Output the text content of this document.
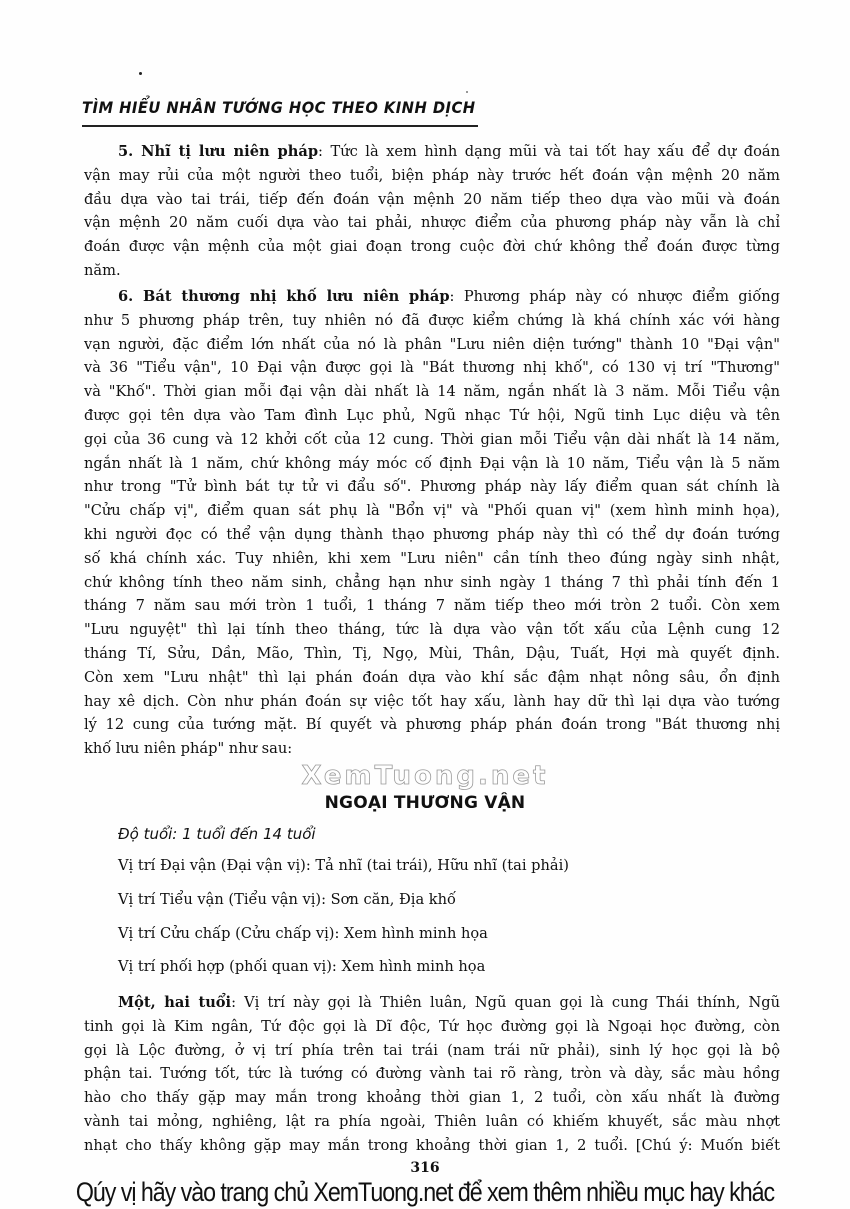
TÌM HIỂU NHÂN TƯỚNG HỌC THEO KINH DỊCH
5. Nhĩ tị lưu niên pháp: Tức là xem hình dạng mũi và tai tốt hay xấu để dự đoán
vận may rủi của một người theo tuổi, biện pháp này trước hết đoán vận mệnh 20 năm
đầu dựa vào tai trái, tiếp đến đoán vận mệnh 20 năm tiếp theo dựa vào mũi và đoán
vận mệnh 20 năm cuối dựa vào tai phải, nhược điểm của phương pháp này vẫn là chỉ
đoán được vận mệnh của một giai đoạn trong cuộc đời chứ không thể đoán được từng
năm.
6. Bát thương nhị khố lưu niên pháp: Phương pháp này có nhược điểm giống
như 5 phương pháp trên, tuy nhiên nó đã được kiểm chứng là khá chính xác với hàng
vạn người, đặc điểm lớn nhất của nó là phân "Lưu niên diện tướng" thành 10 "Đại vận"
và 36 "Tiểu vận", 10 Đại vận được gọi là "Bát thương nhị khố", có 130 vị trí "Thương"
và "Khố". Thời gian mỗi đại vận dài nhất là 14 năm, ngắn nhất là 3 năm. Mỗi Tiểu vận
được gọi tên dựa vào Tam đình Lục phủ, Ngũ nhạc Tứ hội, Ngũ tinh Lục diệu và tên
gọi của 36 cung và 12 khởi cốt của 12 cung. Thời gian mỗi Tiểu vận dài nhất là 14 năm,
ngắn nhất là 1 năm, chứ không máy móc cố định Đại vận là 10 năm, Tiểu vận là 5 năm
như trong "Tử bình bát tự tử vi đẩu số". Phương pháp này lấy điểm quan sát chính là
"Cửu chấp vị", điểm quan sát phụ là "Bổn vị" và "Phối quan vị" (xem hình minh họa),
khi người đọc có thể vận dụng thành thạo phương pháp này thì có thể dự đoán tướng
số khá chính xác. Tuy nhiên, khi xem "Lưu niên" cần tính theo đúng ngày sinh nhật,
chứ không tính theo năm sinh, chẳng hạn như sinh ngày 1 tháng 7 thì phải tính đến 1
tháng 7 năm sau mới tròn 1 tuổi, 1 tháng 7 năm tiếp theo mới tròn 2 tuổi. Còn xem
"Lưu nguyệt" thì lại tính theo tháng, tức là dựa vào vận tốt xấu của Lệnh cung 12
tháng Tí, Sửu, Dần, Mão, Thìn, Tị, Ngọ, Mùi, Thân, Dậu, Tuất, Hợi mà quyết định.
Còn xem "Lưu nhật" thì lại phán đoán dựa vào khí sắc đậm nhạt nông sâu, ổn định
hay xê dịch. Còn như phán đoán sự việc tốt hay xấu, lành hay dữ thì lại dựa vào tướng
lý 12 cung của tướng mặt. Bí quyết và phương pháp phán đoán trong "Bát thương nhị
khố lưu niên pháp" như sau:
XemTuong.net
NGOẠI THƯƠNG VẬN
Độ tuổi: 1 tuổi đến 14 tuổi
Vị trí Đại vận (Đại vận vị): Tả nhĩ (tai trái), Hữu nhĩ (tai phải)
Vị trí Tiểu vận (Tiểu vận vị): Sơn căn, Địa khố
Vị trí Cửu chấp (Cửu chấp vị): Xem hình minh họa
Vị trí phối hợp (phối quan vị): Xem hình minh họa
Một, hai tuổi: Vị trí này gọi là Thiên luân, Ngũ quan gọi là cung Thái thính, Ngũ
tinh gọi là Kim ngân, Tứ độc gọi là Dĩ độc, Tứ học đường gọi là Ngoại học đường, còn
gọi là Lộc đường, ở vị trí phía trên tai trái (nam trái nữ phải), sinh lý học gọi là bộ
phận tai. Tướng tốt, tức là tướng có đường vành tai rõ ràng, tròn và dày, sắc màu hồng
hào cho thấy gặp may mắn trong khoảng thời gian 1, 2 tuổi, còn xấu nhất là đường
vành tai mỏng, nghiêng, lật ra phía ngoài, Thiên luân có khiếm khuyết, sắc màu nhợt
nhạt cho thấy không gặp may mắn trong khoảng thời gian 1, 2 tuổi. [Chú ý: Muốn biết
316
Qúy vị hãy vào trang chủ XemTuong.net để xem thêm nhiều mục hay khác
